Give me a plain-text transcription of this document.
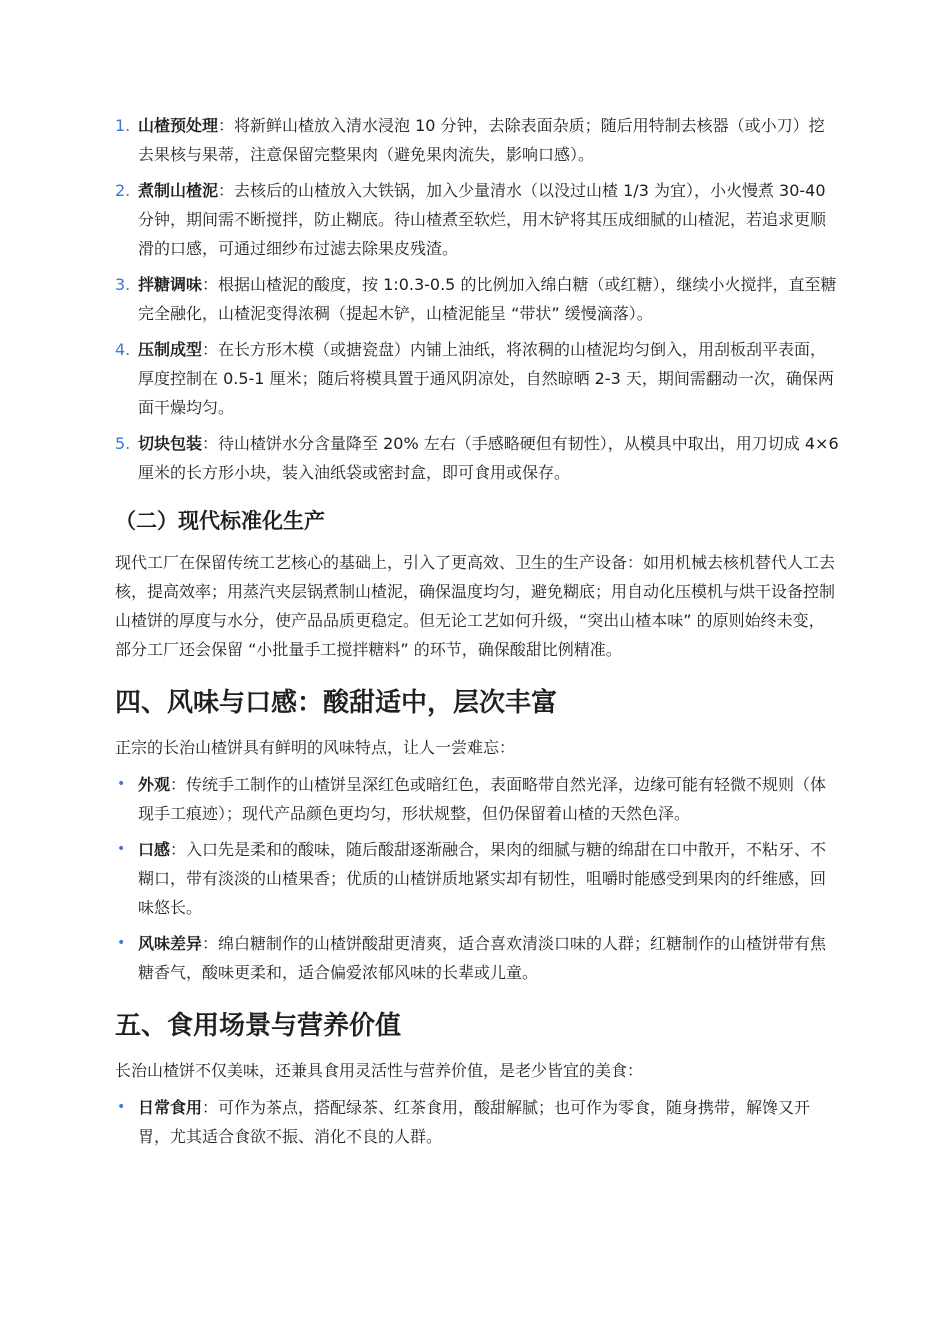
1. 山楂预处理：将新鲜山楂放入清水浸泡 10 分钟，去除表面杂质；随后用特制去核器（或小刀）挖去果核与果蒂，注意保留完整果肉（避免果肉流失，影响口感）。
2. 煮制山楂泥：去核后的山楂放入大铁锅，加入少量清水（以没过山楂 1/3 为宜），小火慢煮 30-40 分钟，期间需不断搅拌，防止糊底。待山楂煮至软烂，用木铲将其压成细腻的山楂泥，若追求更顺滑的口感，可通过细纱布过滤去除果皮残渣。
3. 拌糖调味：根据山楂泥的酸度，按 1:0.3-0.5 的比例加入绵白糖（或红糖），继续小火搅拌，直至糖完全融化，山楂泥变得浓稠（提起木铲，山楂泥能呈 “带状” 缓慢滴落）。
4. 压制成型：在长方形木模（或搪瓷盘）内铺上油纸，将浓稠的山楂泥均匀倒入，用刮板刮平表面，厚度控制在 0.5-1 厘米；随后将模具置于通风阴凉处，自然晾晒 2-3 天，期间需翻动一次，确保两面干燥均匀。
5. 切块包装：待山楂饼水分含量降至 20% 左右（手感略硬但有韧性），从模具中取出，用刀切成 4×6 厘米的长方形小块，装入油纸袋或密封盒，即可食用或保存。
（二）现代标准化生产

现代工厂在保留传统工艺核心的基础上，引入了更高效、卫生的生产设备：如用机械去核机替代人工去核，提高效率；用蒸汽夹层锅煮制山楂泥，确保温度均匀，避免糊底；用自动化压模机与烘干设备控制山楂饼的厚度与水分，使产品品质更稳定。但无论工艺如何升级，“突出山楂本味” 的原则始终未变，部分工厂还会保留 “小批量手工搅拌糖料” 的环节，确保酸甜比例精准。

四、风味与口感：酸甜适中，层次丰富

正宗的长治山楂饼具有鲜明的风味特点，让人一尝难忘：

• 外观：传统手工制作的山楂饼呈深红色或暗红色，表面略带自然光泽，边缘可能有轻微不规则（体现手工痕迹）；现代产品颜色更均匀，形状规整，但仍保留着山楂的天然色泽。
• 口感：入口先是柔和的酸味，随后酸甜逐渐融合，果肉的细腻与糖的绵甜在口中散开，不粘牙、不糊口，带有淡淡的山楂果香；优质的山楂饼质地紧实却有韧性，咀嚼时能感受到果肉的纤维感，回味悠长。
• 风味差异：绵白糖制作的山楂饼酸甜更清爽，适合喜欢清淡口味的人群；红糖制作的山楂饼带有焦糖香气，酸味更柔和，适合偏爱浓郁风味的长辈或儿童。
五、食用场景与营养价值

长治山楂饼不仅美味，还兼具食用灵活性与营养价值，是老少皆宜的美食：

• 日常食用：可作为茶点，搭配绿茶、红茶食用，酸甜解腻；也可作为零食，随身携带，解馋又开胃，尤其适合食欲不振、消化不良的人群。
